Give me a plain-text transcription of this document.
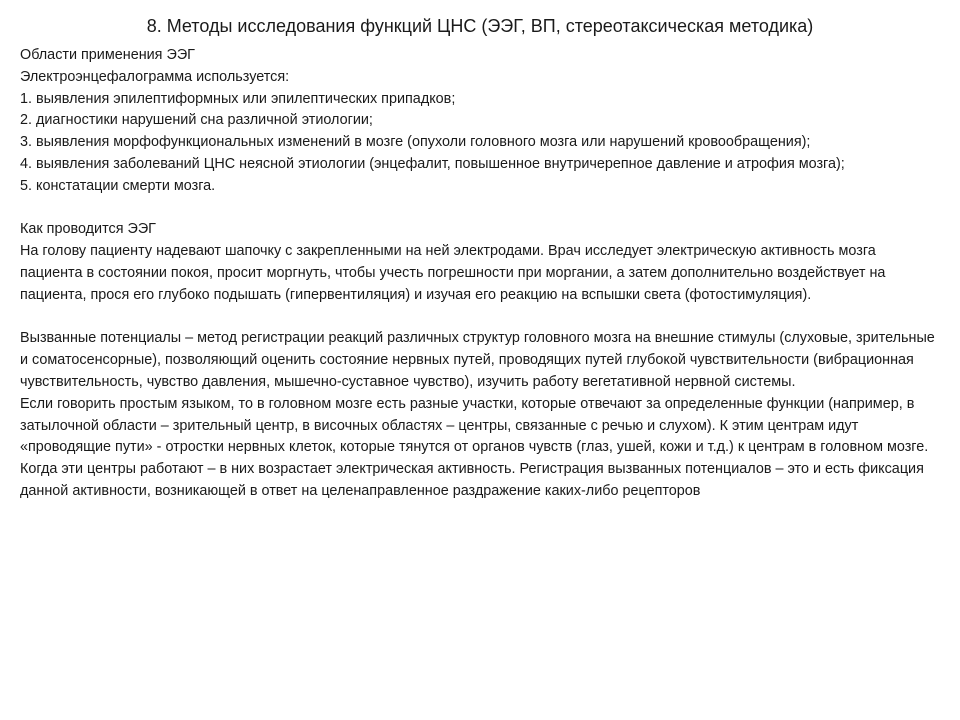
8. Методы исследования функций ЦНС (ЭЭГ, ВП, стереотаксическая методика)

Области применения ЭЭГ

Электроэнцефалограмма используется:

1. выявления эпилептиформных или эпилептических припадков;

2. диагностики нарушений сна различной этиологии;

3. выявления морфофункциональных изменений в мозге (опухоли головного мозга или нарушений кровообращения);

4. выявления заболеваний ЦНС неясной этиологии (энцефалит, повышенное внутричерепное давление и атрофия мозга);

5. констатации смерти мозга.

Как проводится ЭЭГ

На голову пациенту надевают шапочку с закрепленными на ней электродами. Врач исследует электрическую активность мозга пациента в состоянии покоя, просит моргнуть, чтобы учесть погрешности при моргании, а затем дополнительно воздействует на пациента, прося его глубоко подышать (гипервентиляция) и изучая его реакцию на вспышки света (фотостимуляция).

Вызванные потенциалы – метод регистрации реакций различных структур головного мозга на внешние стимулы (слуховые, зрительные и соматосенсорные), позволяющий оценить состояние нервных путей, проводящих путей глубокой чувствительности (вибрационная чувствительность, чувство давления, мышечно-суставное чувство), изучить работу вегетативной нервной системы.

Если говорить простым языком, то в головном мозге есть разные участки, которые отвечают за определенные функции (например, в затылочной области – зрительный центр, в височных областях – центры, связанные с речью и слухом). К этим центрам идут «проводящие пути» - отростки нервных клеток, которые тянутся от органов чувств (глаз, ушей, кожи и т.д.) к центрам в головном мозге. Когда эти центры работают – в них возрастает электрическая активность. Регистрация вызванных потенциалов – это и есть фиксация данной активности, возникающей в ответ на целенаправленное раздражение каких-либо рецепторов
